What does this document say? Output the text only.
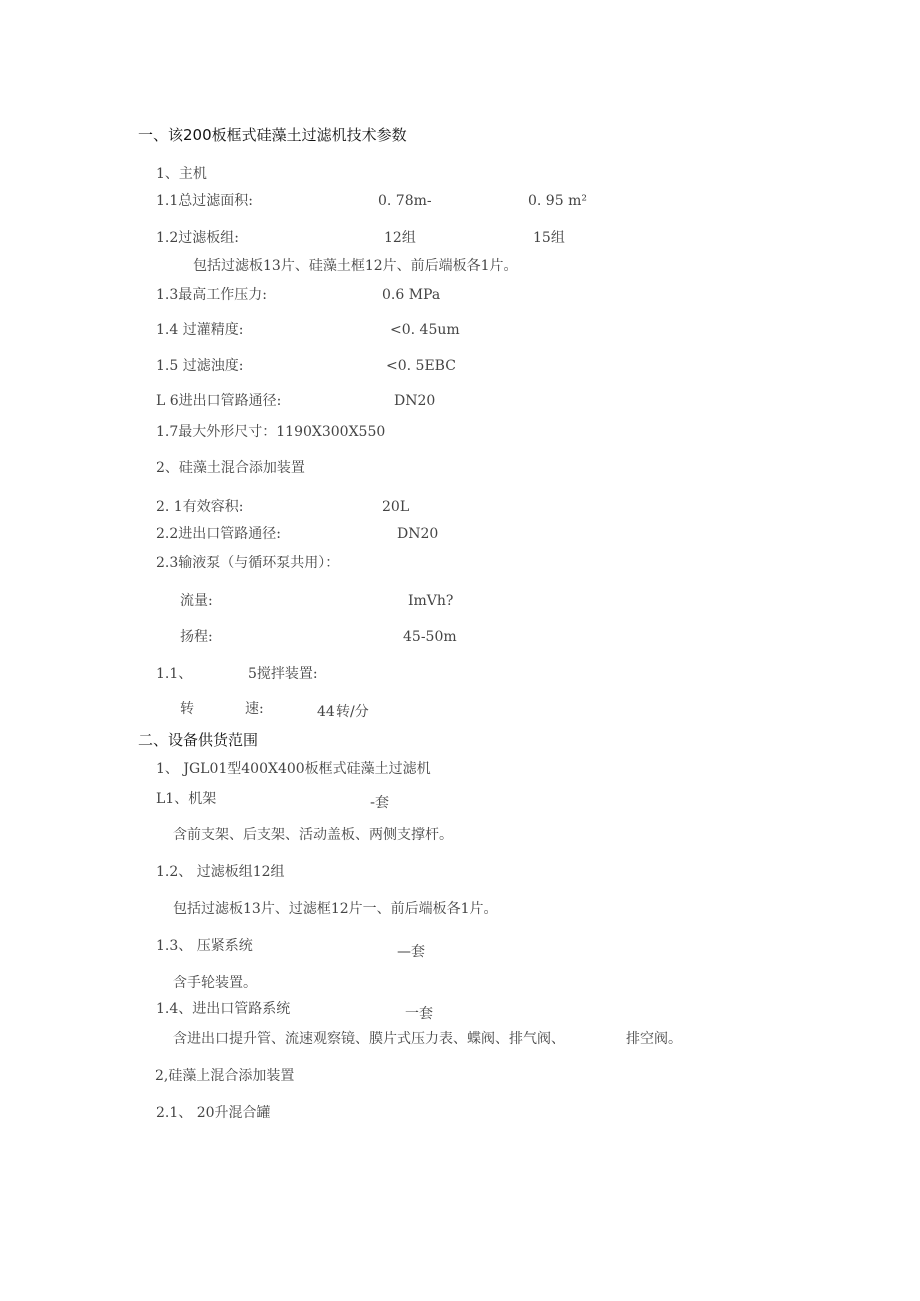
一、该200板框式硅藻土过滤机技术参数
1、主机
1.1总过滤面积:	0. 78m-	0. 95 m²
1.2过滤板组:	12组	15组
包括过滤板13片、硅藻土框12片、前后端板各1片。
1.3最高工作压力:	0.6 MPa
1.4 过灌精度:	<0. 45um
1.5 过滤浊度:	<0. 5EBC
L 6进出口管路通径:	DN20
1.7最大外形尺寸：1190X300X550
2、硅藻土混合添加装置
2. 1有效容积:	20L
2.2进出口管路通径:	DN20
2.3输液泵（与循环泵共用）：
流量:	ImVh?
扬程:	45-50m
1.1、	5搅拌装置:
转	速:	44 转/分
二、设备供货范围
1、 JGL01型400X400板框式硅藻土过滤机
L1、机架	-套
含前支架、后支架、活动盖板、两侧支撑杆。
1.2、 过滤板组12组
包括过滤板13片、过滤框12片一、前后端板各1片。
1.3、 压紧系统	—套
含手轮装置。
1.4、进出口管路系统	一套
含进出口提升管、流速观察镜、膜片式压力表、蝶阀、排气阀、	排空阀。
2,硅藻上混合添加装置
2.1、 20升混合罐
